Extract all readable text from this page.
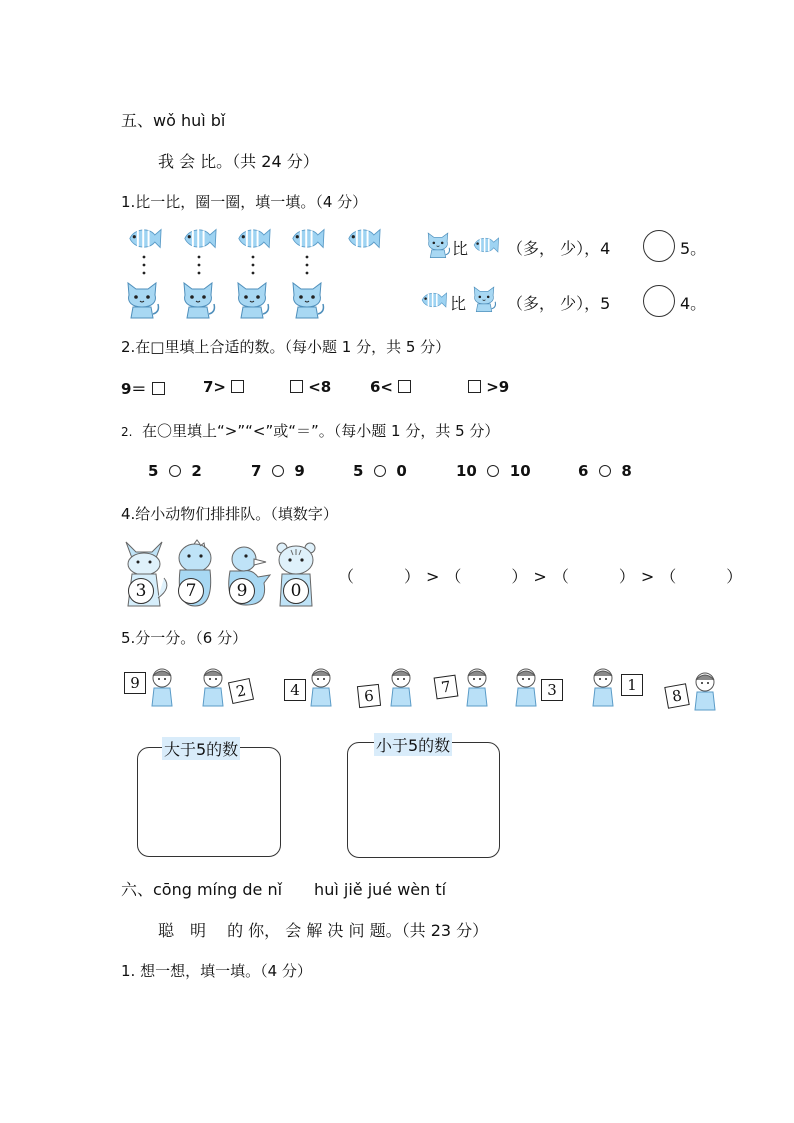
五、wǒ huì bǐ
我 会 比。（共 24 分）
1.比一比，圈一圈，填一填。（4 分）
比 （多， 少），4	5。
比	（多， 少），5	4。
2.在□里填上合适的数。（每小题 1 分，共 5 分）
9＝	7>	<8	6<	>9
2. 在〇里填上“>”“<”或“＝”。（每小题 1 分，共 5 分）
5 2	7 9	5 0	10 10	6 8
4.给小动物们排排队。（填数字）
3	7	9	0
（　　）>（　　）>（　　）>（　　）
5.分一分。（6 分）
9	2	4	6	7	3	1
8
大于5的数	小于5的数
六、cōng míng de nǐ　　huì jiě jué wèn tí
聪　明　 的 你， 会 解 决 问 题。（共 23 分）
1. 想一想，填一填。（4 分）
